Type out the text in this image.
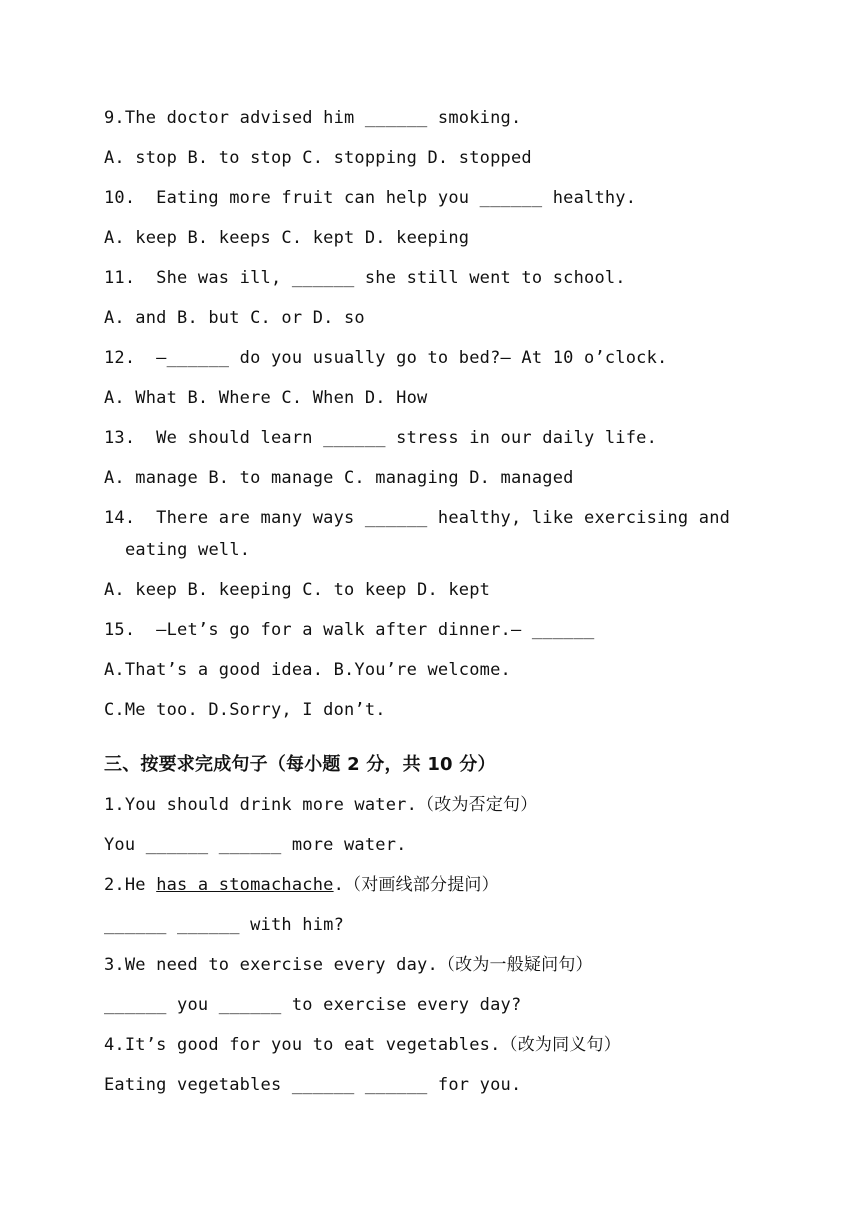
9.The doctor advised him ______ smoking.
A. stop B. to stop C. stopping D. stopped
10.  Eating more fruit can help you ______ healthy.
A. keep B. keeps C. kept D. keeping
11.  She was ill, ______ she still went to school.
A. and B. but C. or D. so
12.  —______ do you usually go to bed?— At 10 o’clock.
A. What B. Where C. When D. How
13.  We should learn ______ stress in our daily life.
A. manage B. to manage C. managing D. managed
14.  There are many ways ______ healthy, like exercising and
eating well.
A. keep B. keeping C. to keep D. kept
15.  —Let’s go for a walk after dinner.— ______
A.That’s a good idea. B.You’re welcome.
C.Me too. D.Sorry, I don’t.
三、按要求完成句子（每小题 2 分，共 10 分）
1.You should drink more water.（改为否定句）
You ______ ______ more water.
2.He has a stomachache.（对画线部分提问）
______ ______ with him?
3.We need to exercise every day.（改为一般疑问句）
______ you ______ to exercise every day?
4.It’s good for you to eat vegetables.（改为同义句）
Eating vegetables ______ ______ for you.
